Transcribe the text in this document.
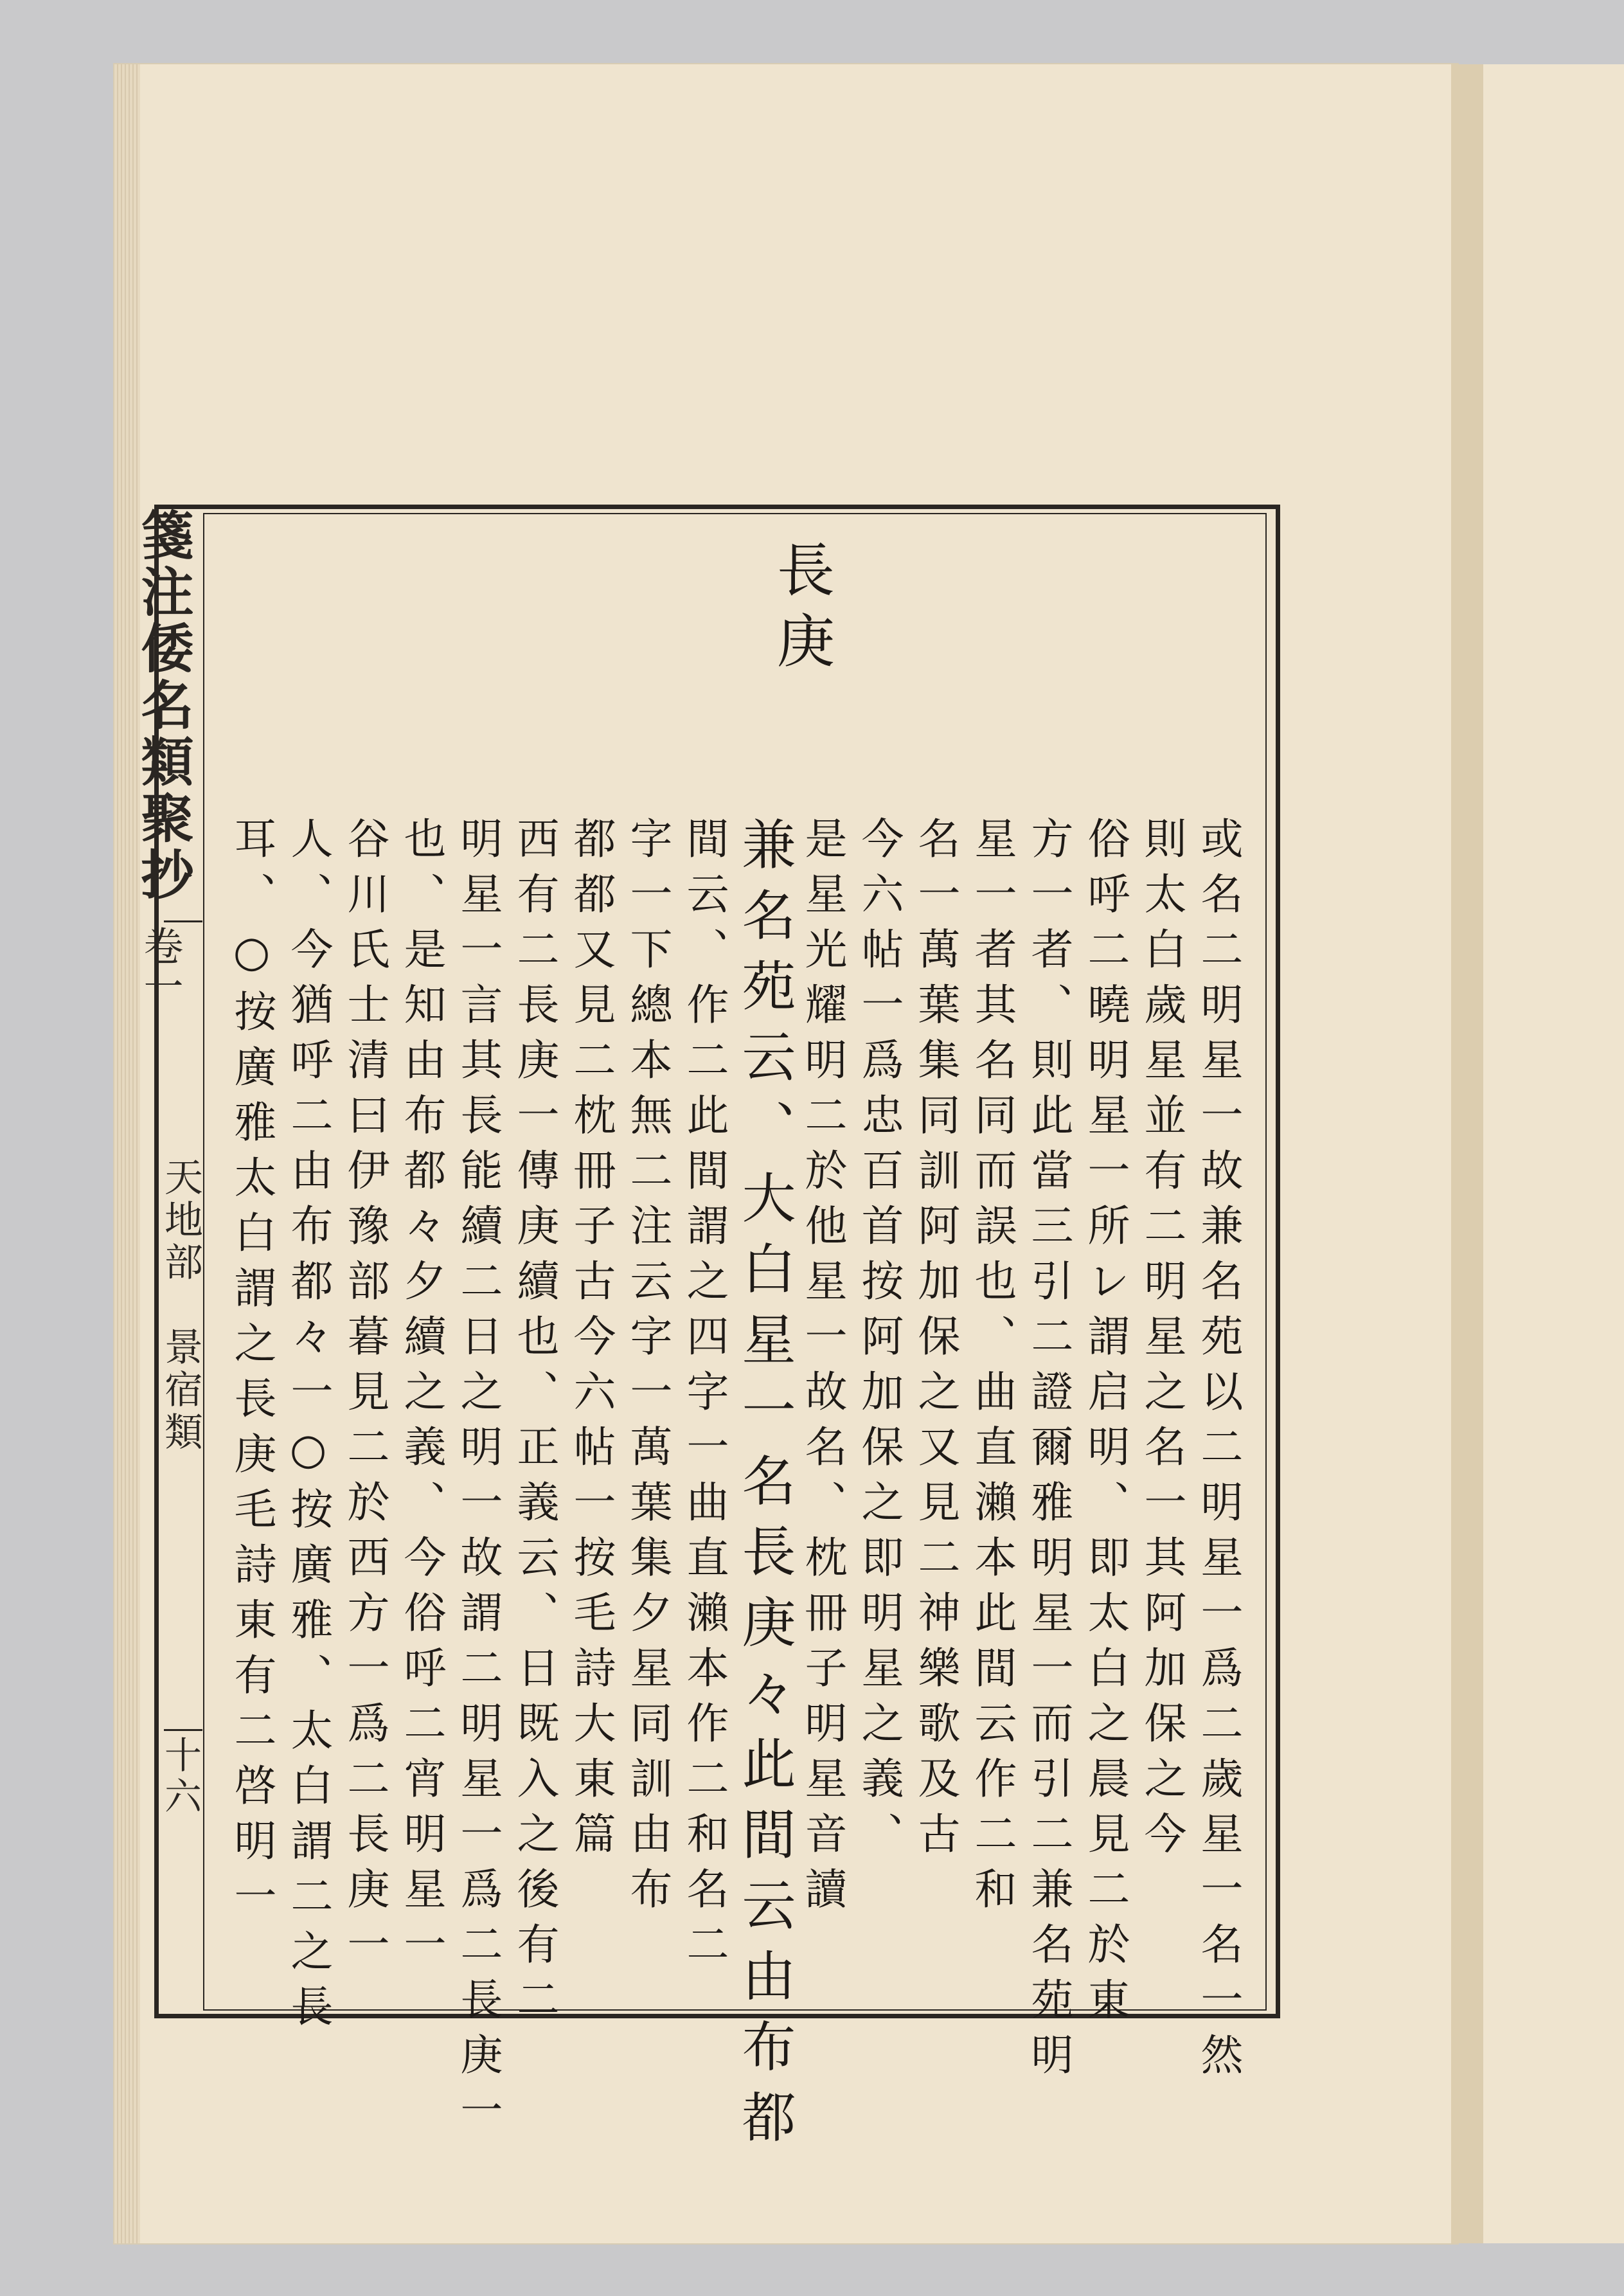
箋注倭名類聚抄
卷一
天地部　景宿類
十六
長庚
或名二明星一故兼名苑以二明星一爲二歲星一名一然
則太白歲星並有二明星之名一其阿加保之今
俗呼二曉明星一所レ謂启明、即太白之晨見二於東
方一者、則此當三引二證爾雅明星一而引二兼名苑明
星一者其名同而誤也、曲直瀨本此間云作二和
名一萬葉集同訓阿加保之又見二神樂歌及古
今六帖一爲忠百首按阿加保之即明星之義、
是星光耀明二於他星一故名、枕冊子明星音讀
兼名苑云、大白星一名長庚々此間云由布都
間云、作二此間謂之四字一曲直瀨本作二和名二
字一下總本無二注云字一萬葉集夕星同訓由布
都都又見二枕冊子古今六帖一按毛詩大東篇
西有二長庚一傳庚續也、正義云、日既入之後有二
明星一言其長能續二日之明一故謂二明星一爲二長庚一
也、是知由布都々夕續之義、今俗呼二宵明星一
谷川氏士清曰伊豫部暮見二於西方一爲二長庚一
人、今猶呼二由布都々一○按廣雅、太白謂二之長
耳、○按廣雅太白謂之長庚毛詩東有二啓明一
